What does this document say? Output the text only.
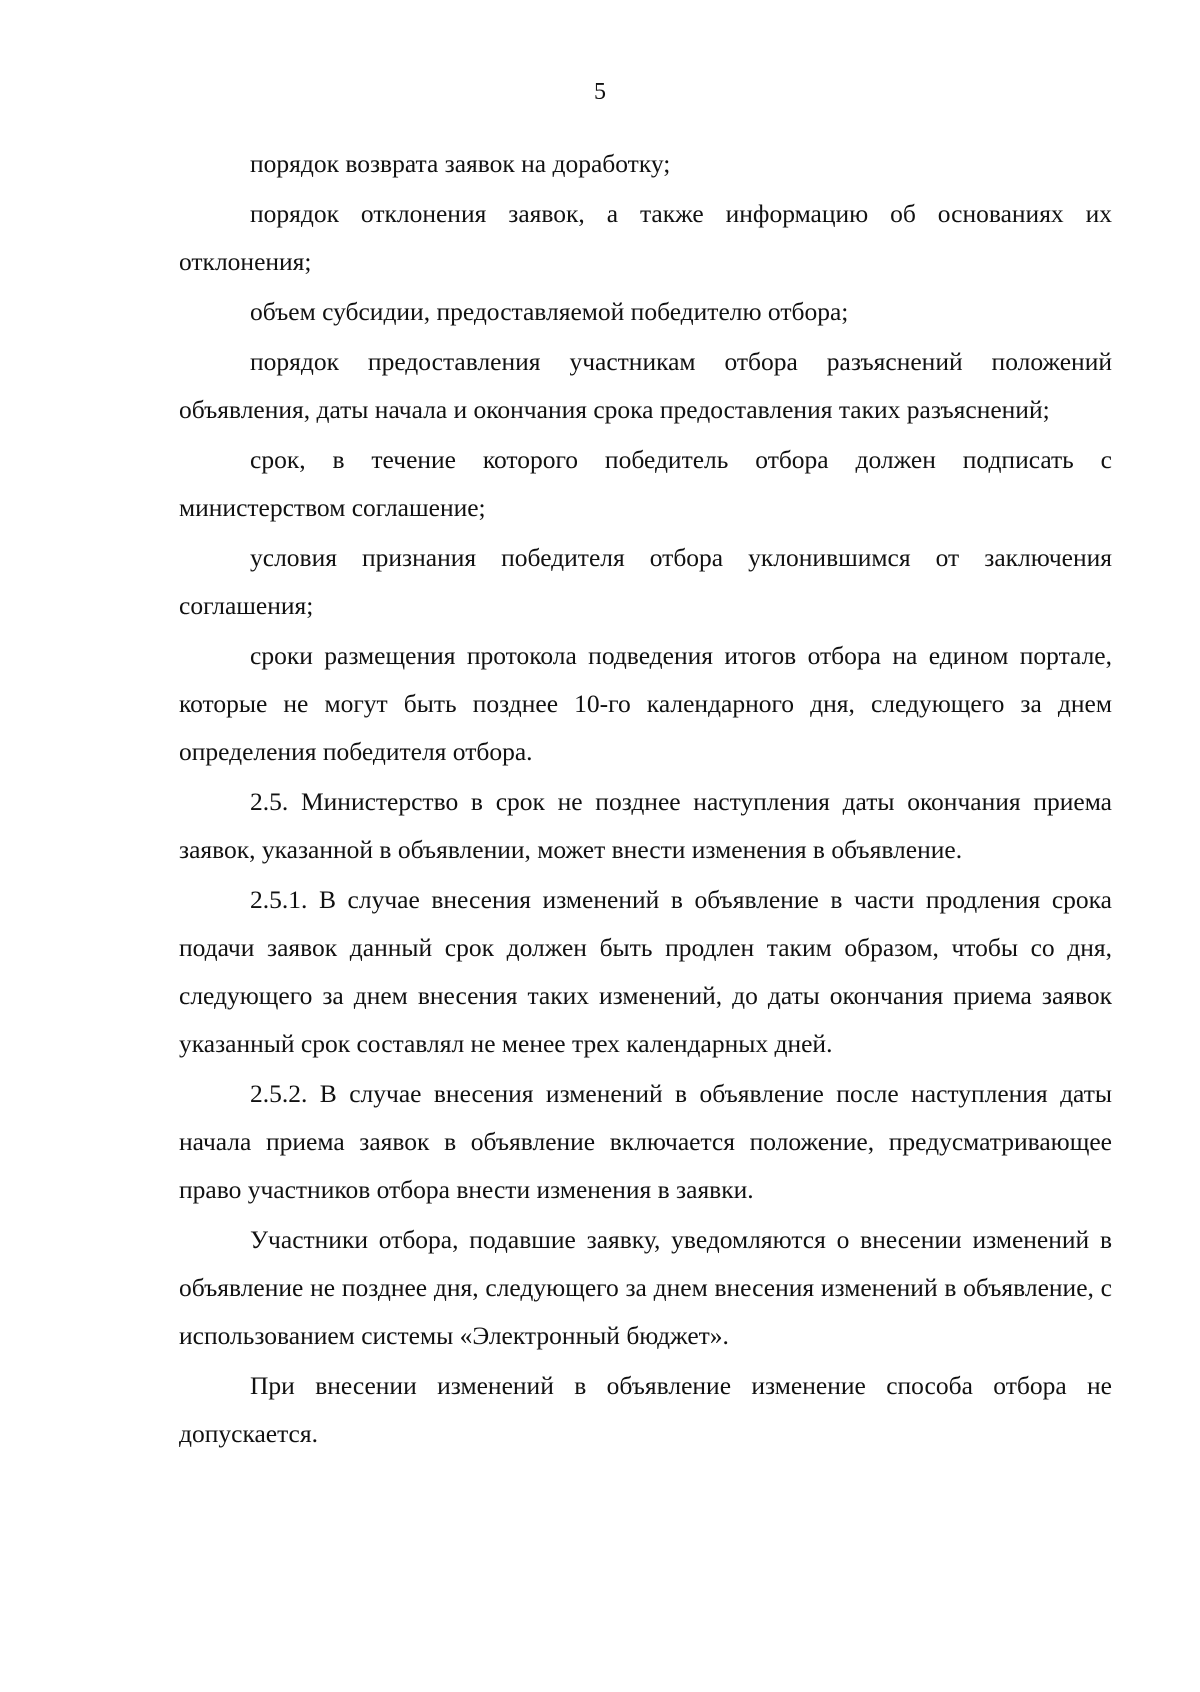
5

порядок возврата заявок на доработку;

порядок отклонения заявок, а также информацию об основаниях их отклонения;

объем субсидии, предоставляемой победителю отбора;

порядок предоставления участникам отбора разъяснений положений объявления, даты начала и окончания срока предоставления таких разъяснений;

срок, в течение которого победитель отбора должен подписать с министерством соглашение;

условия признания победителя отбора уклонившимся от заключения соглашения;

сроки размещения протокола подведения итогов отбора на едином портале, которые не могут быть позднее 10-го календарного дня, следующего за днем определения победителя отбора.

2.5. Министерство в срок не позднее наступления даты окончания приема заявок, указанной в объявлении, может внести изменения в объявление.

2.5.1. В случае внесения изменений в объявление в части продления срока подачи заявок данный срок должен быть продлен таким образом, чтобы со дня, следующего за днем внесения таких изменений, до даты окончания приема заявок указанный срок составлял не менее трех календарных дней.

2.5.2. В случае внесения изменений в объявление после наступления даты начала приема заявок в объявление включается положение, предусматривающее право участников отбора внести изменения в заявки.

Участники отбора, подавшие заявку, уведомляются о внесении изменений в объявление не позднее дня, следующего за днем внесения изменений в объявление, с использованием системы «Электронный бюджет».

При внесении изменений в объявление изменение способа отбора не допускается.
